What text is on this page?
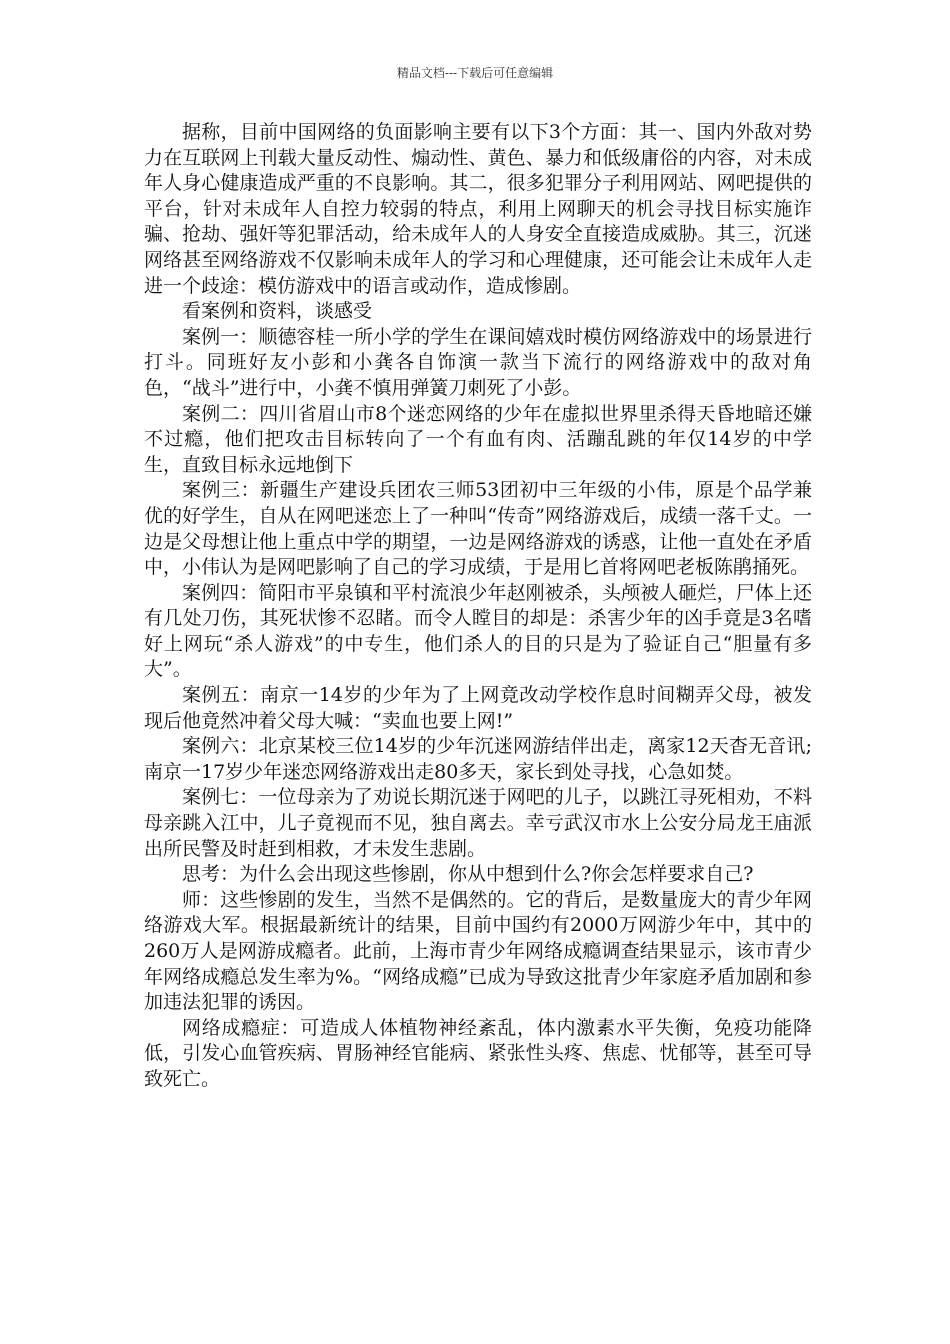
精品文档---下载后可任意编辑

据称，目前中国网络的负面影响主要有以下3个方面：其一、国内外敌对势力在互联网上刊载大量反动性、煽动性、黄色、暴力和低级庸俗的内容，对未成年人身心健康造成严重的不良影响。其二，很多犯罪分子利用网站、网吧提供的平台，针对未成年人自控力较弱的特点，利用上网聊天的机会寻找目标实施诈骗、抢劫、强奸等犯罪活动，给未成年人的人身安全直接造成威胁。其三，沉迷网络甚至网络游戏不仅影响未成年人的学习和心理健康，还可能会让未成年人走进一个歧途：模仿游戏中的语言或动作，造成惨剧。

看案例和资料，谈感受

案例一：顺德容桂一所小学的学生在课间嬉戏时模仿网络游戏中的场景进行打斗。同班好友小彭和小龚各自饰演一款当下流行的网络游戏中的敌对角色，“战斗”进行中，小龚不慎用弹簧刀刺死了小彭。

案例二：四川省眉山市8个迷恋网络的少年在虚拟世界里杀得天昏地暗还嫌不过瘾，他们把攻击目标转向了一个有血有肉、活蹦乱跳的年仅14岁的中学生，直致目标永远地倒下

案例三：新疆生产建设兵团农三师53团初中三年级的小伟，原是个品学兼优的好学生，自从在网吧迷恋上了一种叫“传奇”网络游戏后，成绩一落千丈。一边是父母想让他上重点中学的期望，一边是网络游戏的诱惑，让他一直处在矛盾中，小伟认为是网吧影响了自己的学习成绩，于是用匕首将网吧老板陈鹃捅死。

案例四：简阳市平泉镇和平村流浪少年赵刚被杀，头颅被人砸烂，尸体上还有几处刀伤，其死状惨不忍睹。而令人瞠目的却是：杀害少年的凶手竟是3名嗜好上网玩“杀人游戏”的中专生，他们杀人的目的只是为了验证自己“胆量有多大”。

案例五：南京一14岁的少年为了上网竟改动学校作息时间糊弄父母，被发现后他竟然冲着父母大喊：“卖血也要上网!”

案例六：北京某校三位14岁的少年沉迷网游结伴出走，离家12天杳无音讯;南京一17岁少年迷恋网络游戏出走80多天，家长到处寻找，心急如焚。

案例七：一位母亲为了劝说长期沉迷于网吧的儿子，以跳江寻死相劝，不料母亲跳入江中，儿子竟视而不见，独自离去。幸亏武汉市水上公安分局龙王庙派出所民警及时赶到相救，才未发生悲剧。

思考：为什么会出现这些惨剧，你从中想到什么?你会怎样要求自己?

师：这些惨剧的发生，当然不是偶然的。它的背后，是数量庞大的青少年网络游戏大军。根据最新统计的结果，目前中国约有2000万网游少年中，其中的260万人是网游成瘾者。此前，上海市青少年网络成瘾调查结果显示，该市青少年网络成瘾总发生率为%。“网络成瘾”已成为导致这批青少年家庭矛盾加剧和参加违法犯罪的诱因。

网络成瘾症：可造成人体植物神经紊乱，体内激素水平失衡，免疫功能降低，引发心血管疾病、胃肠神经官能病、紧张性头疼、焦虑、忧郁等，甚至可导致死亡。
